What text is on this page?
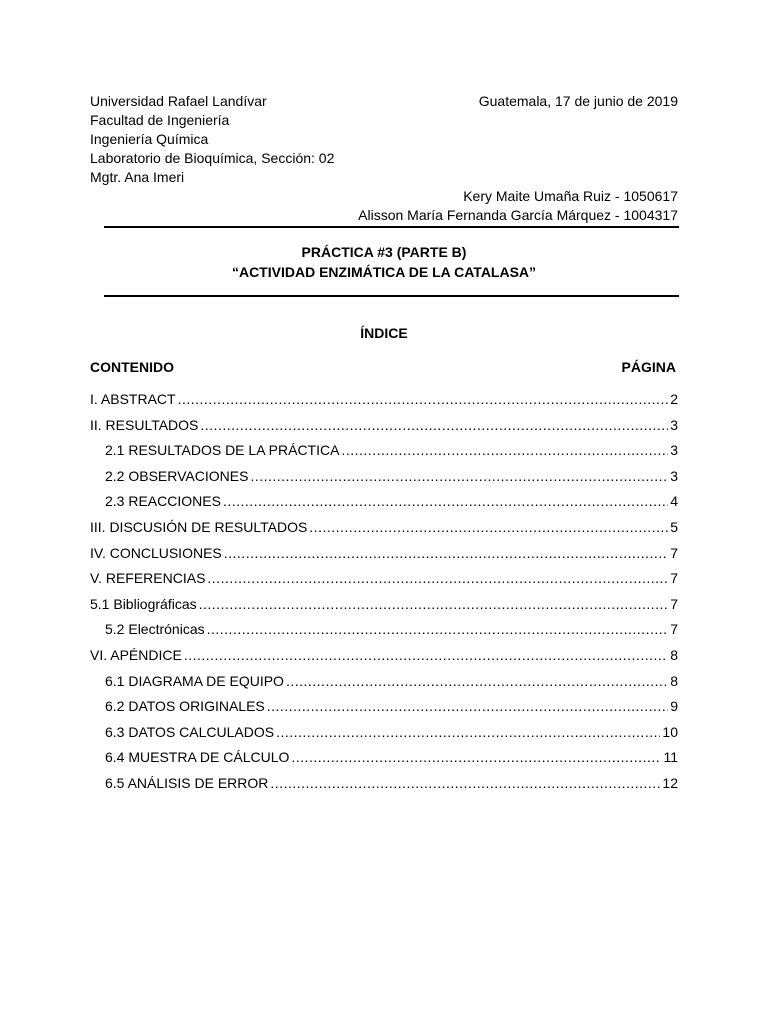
Universidad Rafael Landívar
Facultad de Ingeniería
Ingeniería Química
Laboratorio de Bioquímica, Sección: 02
Mgtr. Ana Imeri
Guatemala, 17 de junio de 2019
Kery Maite Umaña Ruiz - 1050617
Alisson María Fernanda García Márquez - 1004317
PRÁCTICA #3 (PARTE B)
“ACTIVIDAD ENZIMÁTICA DE LA CATALASA”
ÍNDICE
CONTENIDO	PÁGINA
I. ABSTRACT .....	2
II. RESULTADOS .....	3
2.1 RESULTADOS DE LA PRÁCTICA .....	3
2.2 OBSERVACIONES .....	3
2.3 REACCIONES .....	4
III. DISCUSIÓN DE RESULTADOS .....	5
IV. CONCLUSIONES .....	7
V. REFERENCIAS .....	7
5.1 Bibliográficas .....	7
5.2 Electrónicas .....	7
VI. APÉNDICE .....	8
6.1 DIAGRAMA DE EQUIPO .....	8
6.2 DATOS ORIGINALES .....	9
6.3 DATOS CALCULADOS .....	10
6.4 MUESTRA DE CÁLCULO .....	11
6.5 ANÁLISIS DE ERROR .....	12
